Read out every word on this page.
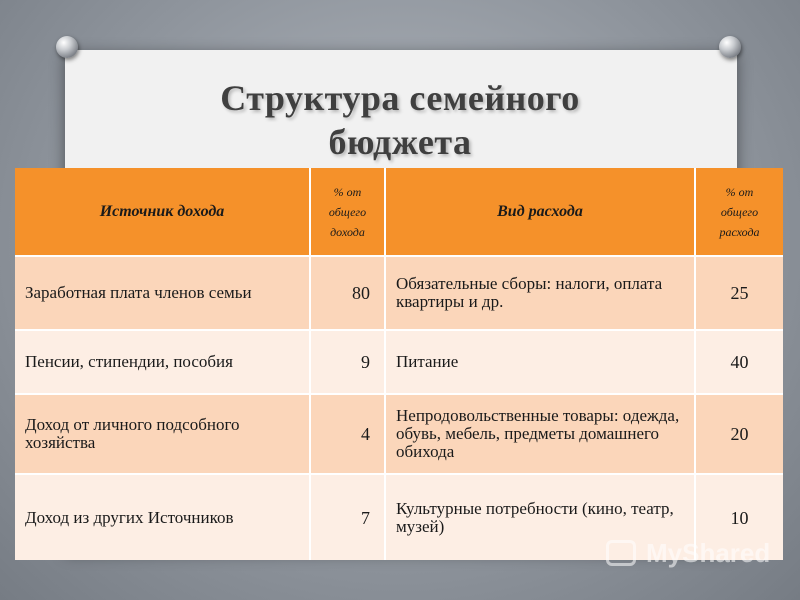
Структура семейного бюджета
Источник дохода	% от общего дохода	Вид расхода	% от общего расхода
Заработная плата членов семьи	80	Обязательные сборы: налоги, оплата квартиры и др.	25
Пенсии, стипендии, пособия	9	Питание	40
Доход от личного подсобного хозяйства	4	Непродовольственные товары: одежда, обувь, мебель, предметы домашнего обихода	20
Доход из других Источников	7	Культурные потребности (кино, театр, музей)	10
MyShared
